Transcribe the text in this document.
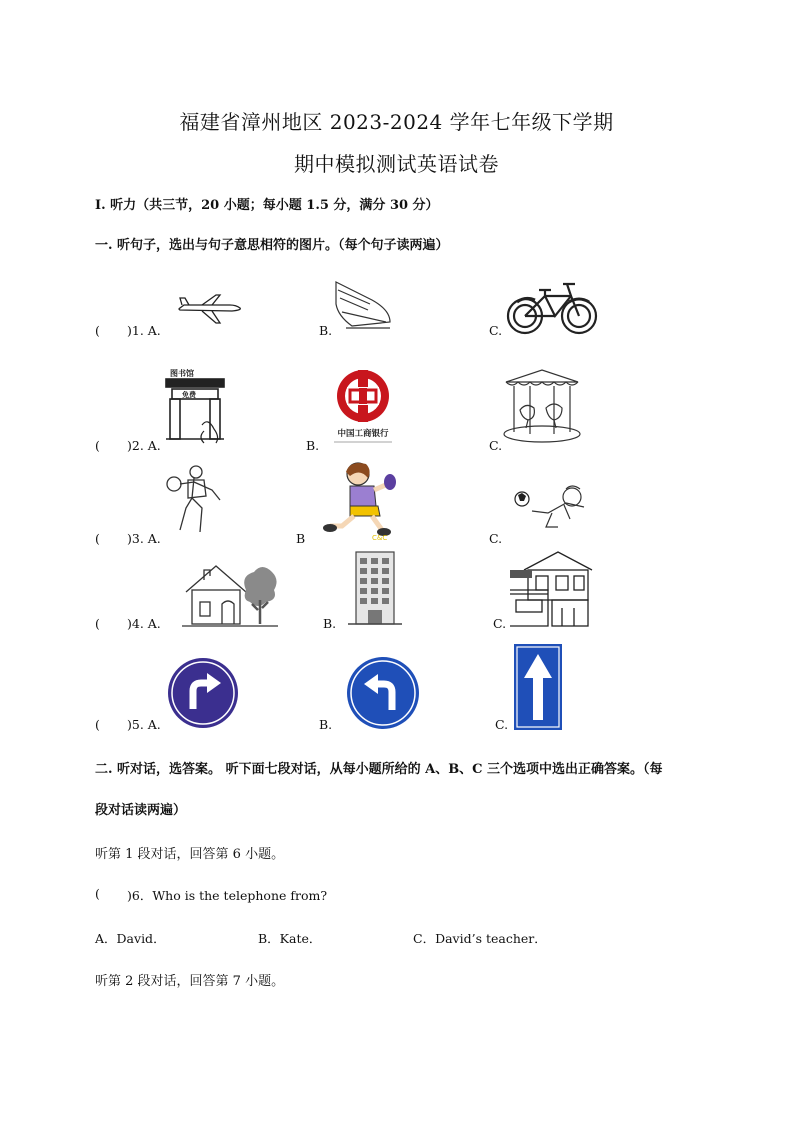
福建省漳州地区 2023-2024 学年七年级下学期
期中模拟测试英语试卷
I. 听力（共三节，20 小题；每小题 1.5 分，满分 30 分）
一. 听句子，选出与句子意思相符的图片。（每个句子读两遍）
( )1. A.	B.	C.
( )2. A.	B.	C.
图书馆
免费
中国工商银行
( )3. A.	B	C.
C&C
( )4. A.	B.	C.
( )5. A.	B.	C.
二. 听对话，选答案。 听下面七段对话，从每小题所给的 A、B、C 三个选项中选出正确答案。（每
段对话读两遍）
听第 1 段对话，回答第 6 小题。
( )6．Who is the telephone from?
A．David．	B．Kate．	C．David’s teacher．
听第 2 段对话，回答第 7 小题。
